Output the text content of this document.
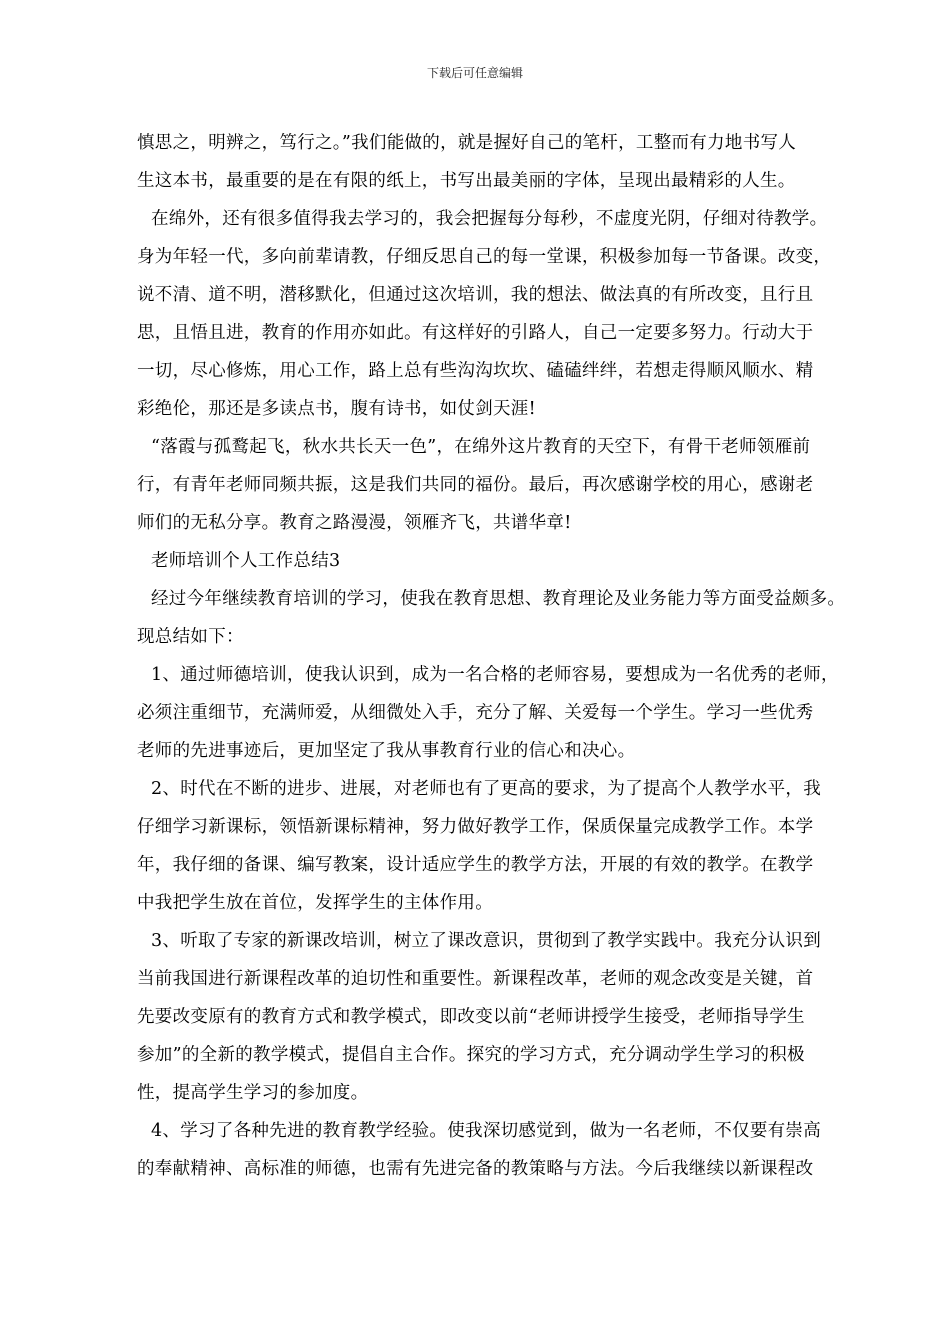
下载后可任意编辑
慎思之，明辨之，笃行之。”我们能做的，就是握好自己的笔杆，工整而有力地书写人
生这本书，最重要的是在有限的纸上，书写出最美丽的字体，呈现出最精彩的人生。
在绵外，还有很多值得我去学习的，我会把握每分每秒，不虚度光阴，仔细对待教学。
身为年轻一代，多向前辈请教，仔细反思自己的每一堂课，积极参加每一节备课。改变，
说不清、道不明，潜移默化，但通过这次培训，我的想法、做法真的有所改变，且行且
思，且悟且进，教育的作用亦如此。有这样好的引路人，自己一定要多努力。行动大于
一切，尽心修炼，用心工作，路上总有些沟沟坎坎、磕磕绊绊，若想走得顺风顺水、精
彩绝伦，那还是多读点书，腹有诗书，如仗剑天涯!
“落霞与孤鹜起飞，秋水共长天一色”，在绵外这片教育的天空下，有骨干老师领雁前
行，有青年老师同频共振，这是我们共同的福份。最后，再次感谢学校的用心，感谢老
师们的无私分享。教育之路漫漫，领雁齐飞，共谱华章!
老师培训个人工作总结3
经过今年继续教育培训的学习，使我在教育思想、教育理论及业务能力等方面受益颇多。
现总结如下：
1、通过师德培训，使我认识到，成为一名合格的老师容易，要想成为一名优秀的老师，
必须注重细节，充满师爱，从细微处入手，充分了解、关爱每一个学生。学习一些优秀
老师的先进事迹后，更加坚定了我从事教育行业的信心和决心。
2、时代在不断的进步、进展，对老师也有了更高的要求，为了提高个人教学水平，我
仔细学习新课标，领悟新课标精神，努力做好教学工作，保质保量完成教学工作。本学
年，我仔细的备课、编写教案，设计适应学生的教学方法，开展的有效的教学。在教学
中我把学生放在首位，发挥学生的主体作用。
3、听取了专家的新课改培训，树立了课改意识，贯彻到了教学实践中。我充分认识到
当前我国进行新课程改革的迫切性和重要性。新课程改革，老师的观念改变是关键，首
先要改变原有的教育方式和教学模式，即改变以前“老师讲授学生接受，老师指导学生
参加”的全新的教学模式，提倡自主合作。探究的学习方式，充分调动学生学习的积极
性，提高学生学习的参加度。
4、学习了各种先进的教育教学经验。使我深切感觉到，做为一名老师，不仅要有崇高
的奉献精神、高标准的师德，也需有先进完备的教策略与方法。今后我继续以新课程改
